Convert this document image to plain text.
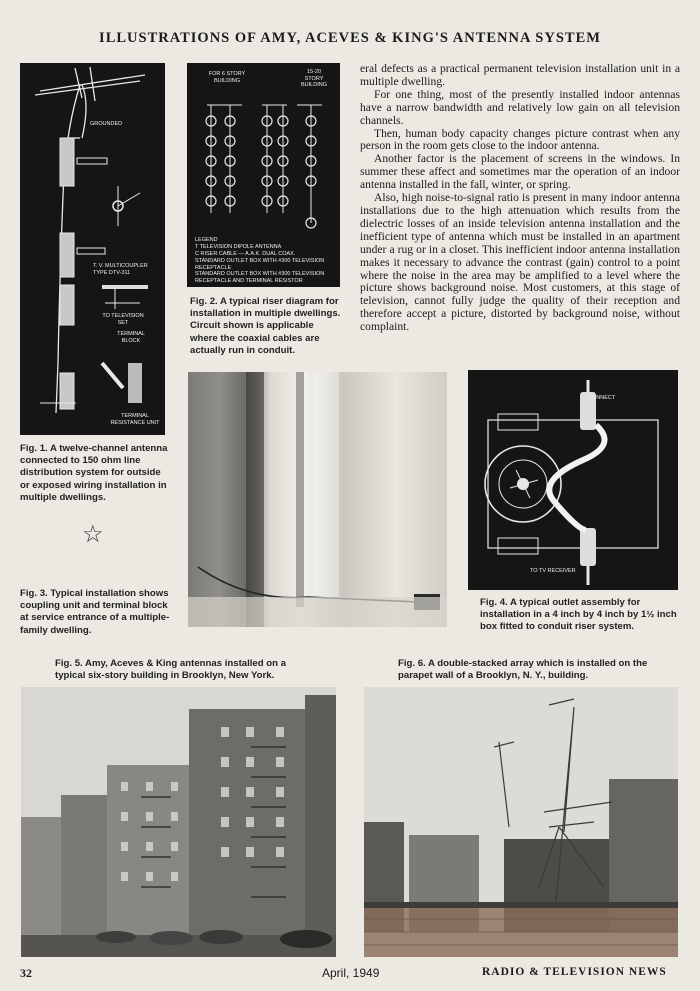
ILLUSTRATIONS OF AMY, ACEVES & KING'S ANTENNA SYSTEM
GROUNDED
T. V. MULTICOUPLER TYPE DTV-311
TO TELEVISION SET
TERMINAL BLOCK
TERMINAL RESISTANCE UNIT
Fig. 1. A twelve-channel antenna connected to 150 ohm line distribution system for outside or exposed wiring installation in multiple dwellings.
FOR 6 STORY BUILDING
15-20 STORY BUILDING
LEGEND
T TELEVISION DIPOLE ANTENNA
C RISER CABLE — A.A.K. DUAL COAX.
STANDARD OUTLET BOX WITH #300 TELEVISION RECEPTACLE
STANDARD OUTLET BOX WITH #300 TELEVISION RECEPTACLE AND TERMINAL RESISTOR
Fig. 2. A typical riser diagram for installation in multiple dwellings. Circuit shown is applicable where the coaxial cables are actually run in conduit.

eral defects as a practical permanent television installation unit in a multiple dwelling.

For one thing, most of the presently installed indoor antennas have a narrow bandwidth and relatively low gain on all television channels.

Then, human body capacity changes picture contrast when any person in the room gets close to the indoor antenna.

Another factor is the placement of screens in the windows. In summer these affect and sometimes mar the operation of an indoor antenna installed in the fall, winter, or spring.

Also, high noise-to-signal ratio is present in many indoor antenna installations due to the high attenuation which results from the dielectric losses of an inside television antenna installation and the inefficient type of antenna which must be installed in an apartment under a rug or in a closet. This inefficient indoor antenna installation makes it necessary to advance the contrast (gain) control to a point where the noise in the area may be amplified to a level where the picture shows background noise. Most customers, at this stage of television, cannot fully judge the quality of their reception and therefore accept a picture, distorted by background noise, without complaint.

☆
Fig. 3. Typical installation shows coupling unit and terminal block at service entrance of a multiple-family dwelling.
CONNECT
TO TV RECEIVER
Fig. 4. A typical outlet assembly for installation in a 4 inch by 4 inch by 1½ inch box fitted to conduit riser system.
Fig. 5. Amy, Aceves & King antennas installed on a typical six-story building in Brooklyn, New York.
Fig. 6. A double-stacked array which is installed on the parapet wall of a Brooklyn, N. Y., building.
32	April, 1949	RADIO & TELEVISION NEWS
